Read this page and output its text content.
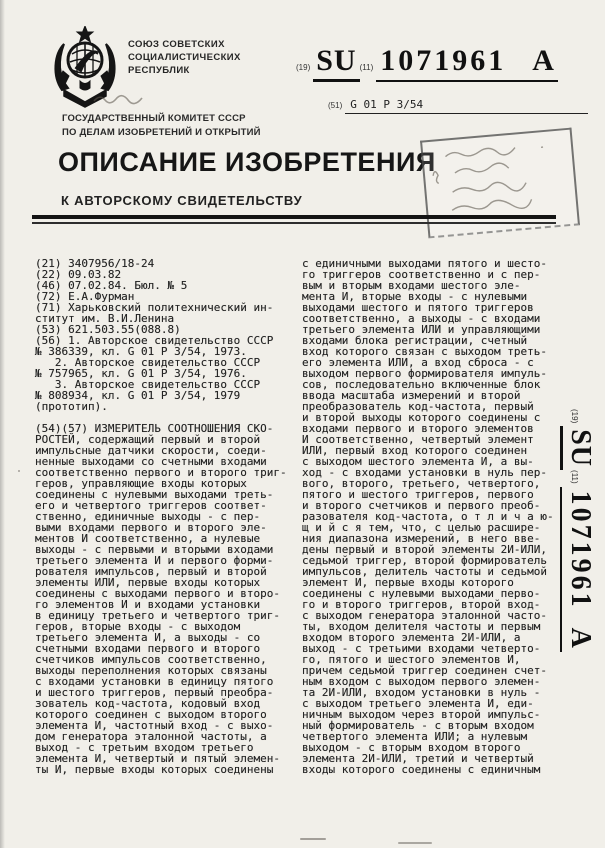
СОЮЗ СОВЕТСКИХ
СОЦИАЛИСТИЧЕСКИХ
РЕСПУБЛИК	(19) SU (11) 1071961 A
(51) G 01 P 3/54
ГОСУДАРСТВЕННЫЙ КОМИТЕТ СССР
ПО ДЕЛАМ ИЗОБРЕТЕНИЙ И ОТКРЫТИЙ
ОПИСАНИЕ ИЗОБРЕТЕНИЯ
К АВТОРСКОМУ СВИДЕТЕЛЬСТВУ
(21) 3407956/18-24
(22) 09.03.82
(46) 07.02.84. Бюл. № 5
(72) Е.А.Фурман
(71) Харьковский политехнический ин-
ститут им. В.И.Ленина
(53) 621.503.55(088.8)
(56) 1. Авторское свидетельство СССР
№ 386339, кл. G 01 P 3/54, 1973.
2. Авторское свидетельство СССР
№ 757965, кл. G 01 P 3/54, 1976.
3. Авторское свидетельство СССР
№ 808934, кл. G 01 P 3/54, 1979
(прототип).

(54)(57) ИЗМЕРИТЕЛЬ СООТНОШЕНИЯ СКО-
РОСТЕЙ, содержащий первый и второй
импульсные датчики скорости, соеди-
ненные выходами со счетными входами
соответственно первого и второго триг-
геров, управляющие входы которых
соединены с нулевыми выходами треть-
его и четвертого триггеров соответ-
ственно, единичные выходы - с пер-
выми входами первого и второго эле-
ментов И соответственно, а нулевые
выходы - с первыми и вторыми входами
третьего элемента И и первого форми-
рователя импульсов, первый и второй
элементы ИЛИ, первые входы которых
соединены с выходами первого и второ-
го элементов И и входами установки
в единицу третьего и четвертого триг-
геров, вторые входы - с выходом
третьего элемента И, а выходы - со
счетными входами первого и второго
счетчиков импульсов соответственно,
выходы переполнения которых связаны
с входами установки в единицу пятого
и шестого триггеров, первый преобра-
зователь код-частота, кодовый вход
которого соединен с выходом второго
элемента И, частотный вход - с выхо-
дом генератора эталонной частоты, а
выход - с третьим входом третьего
элемента И, четвертый и пятый элемен-
ты И, первые входы которых соединены
с единичными выходами пятого и шесто-
го триггеров соответственно и с пер-
вым и вторым входами шестого эле-
мента И, вторые входы - с нулевыми
выходами шестого и пятого триггеров
соответственно, а выходы - с входами
третьего элемента ИЛИ и управляющими
входами блока регистрации, счетный
вход которого связан с выходом треть-
его элемента ИЛИ, а вход сброса - с
выходом первого формирователя импуль-
сов, последовательно включенные блок
ввода масштаба измерений и второй
преобразователь код-частота, первый
и второй выходы которого соединены с
входами первого и второго элементов
И соответственно, четвертый элемент
ИЛИ, первый вход которого соединен
с выходом шестого элемента И, а вы-
ход - с входами установки в нуль пер-
вого, второго, третьего, четвертого,
пятого и шестого триггеров, первого
и второго счетчиков и первого преоб-
разователя код-частота, о т л и ч а ю-
щ и й с я тем, что, с целью расшире-
ния диапазона измерений, в него вве-
дены первый и второй элементы 2И-ИЛИ,
седьмой триггер, второй формирователь
импульсов, делитель частоты и седьмой
элемент И, первые входы которого
соединены с нулевыми выходами перво-
го и второго триггеров, второй вход-
с выходом генератора эталонной часто-
ты, входом делителя частоты и первым
входом второго элемента 2И-ИЛИ, а
выход - с третьими входами четверто-
го, пятого и шестого элементов И,
причем седьмой триггер соединен счет-
ным входом с выходом первого элемен-
та 2И-ИЛИ, входом установки в нуль -
с выходом третьего элемента И, еди-
ничным выходом через второй импульс-
ный формирователь - с вторым входом
четвертого элемента ИЛИ; а нулевым
выходом - с вторым входом второго
элемента 2И-ИЛИ, третий и четвертый
входы которого соединены с единичным
(19)
SU
(11)
1071961
A
